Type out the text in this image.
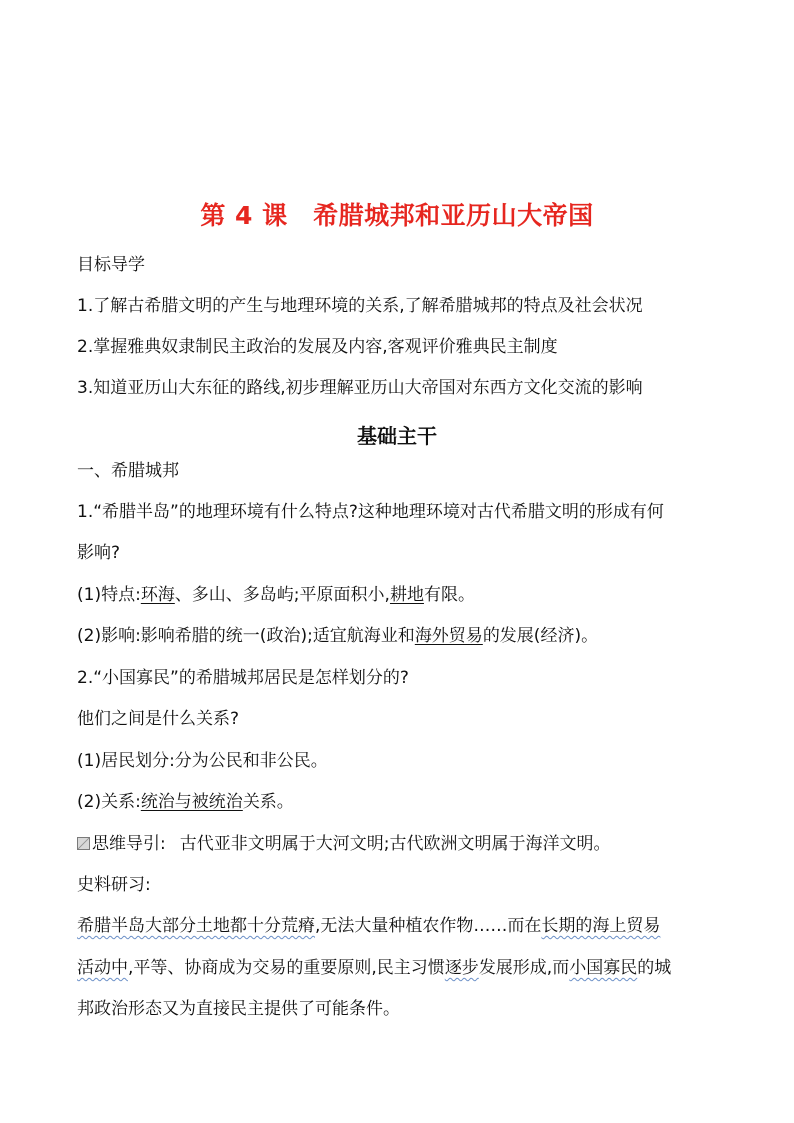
第 4 课　希腊城邦和亚历山大帝国
目标导学
1.了解古希腊文明的产生与地理环境的关系,了解希腊城邦的特点及社会状况
2.掌握雅典奴隶制民主政治的发展及内容,客观评价雅典民主制度
3.知道亚历山大东征的路线,初步理解亚历山大帝国对东西方文化交流的影响
基础主干
一、希腊城邦
1.“希腊半岛”的地理环境有什么特点?这种地理环境对古代希腊文明的形成有何
影响?
(1)特点:环海、多山、多岛屿;平原面积小,耕地有限。
(2)影响:影响希腊的统一(政治);适宜航海业和海外贸易的发展(经济)。
2.“小国寡民”的希腊城邦居民是怎样划分的?
他们之间是什么关系?
(1)居民划分:分为公民和非公民。
(2)关系:统治与被统治关系。
思维导引: 古代亚非文明属于大河文明;古代欧洲文明属于海洋文明。
史料研习:
希腊半岛大部分土地都十分荒瘠,无法大量种植农作物……而在长期的海上贸易
活动中,平等、协商成为交易的重要原则,民主习惯逐步发展形成,而小国寡民的城
邦政治形态又为直接民主提供了可能条件。
